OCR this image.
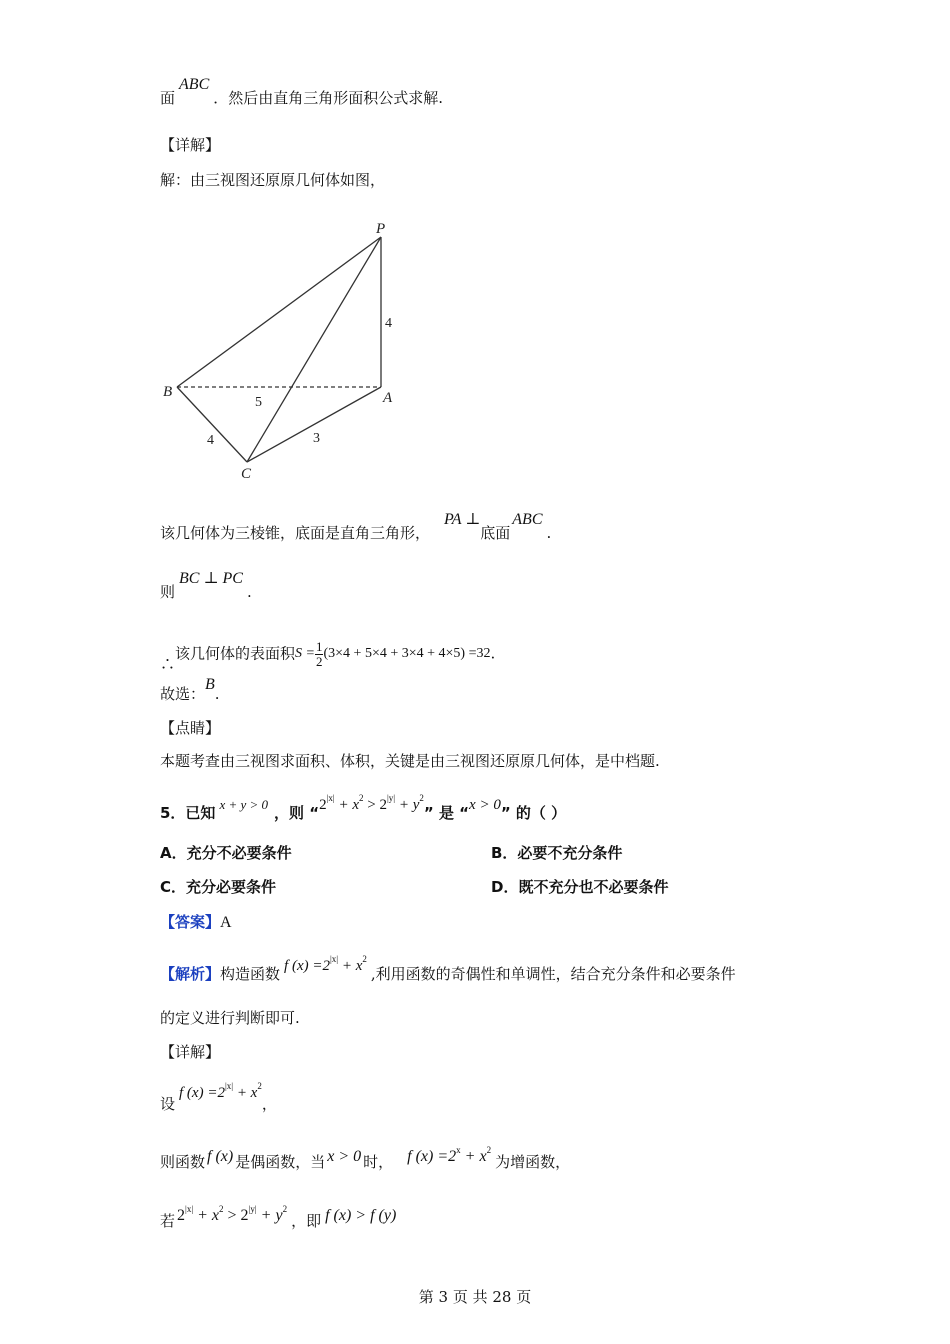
面ABC．然后由直角三角形面积公式求解.
【详解】
解：由三视图还原原几何体如图，
P
A
B
C
4
5
4	3
该几何体为三棱锥，底面是直角三角形，PA ⊥底面ABC.
则BC ⊥ PC.
∴该几何体的表面积$S = \frac{1}{2} (3\times 4 + 5\times 4 + 3\times 4 + 4\times 5) =32$.
故选：B.
【点睛】
本题考查由三视图求面积、体积，关键是由三视图还原原几何体，是中档题.
5．已知 x + y > 0 ，则 “$2^{|x|} + x^2 > 2^{|y|} + y^2$” 是 “x > 0” 的（ ）
A．充分不必要条件	B．必要不充分条件
C．充分必要条件	D．既不充分也不必要条件
【答案】A
【解析】构造函数 f $(x) =2^{|x|} + x^2$,利用函数的奇偶性和单调性，结合充分条件和必要条件
的定义进行判断即可.
【详解】
设f $(x) =2^{|x|} + x^2$，
则函数 f (x) 是偶函数，当 x > 0 时， f $(x) =2^x + x^2$为增函数，
若 $2^{|x|} + x^2 > 2^{|y|} + y^2$，即 f (x) > f (y)
第 3 页 共 28 页
